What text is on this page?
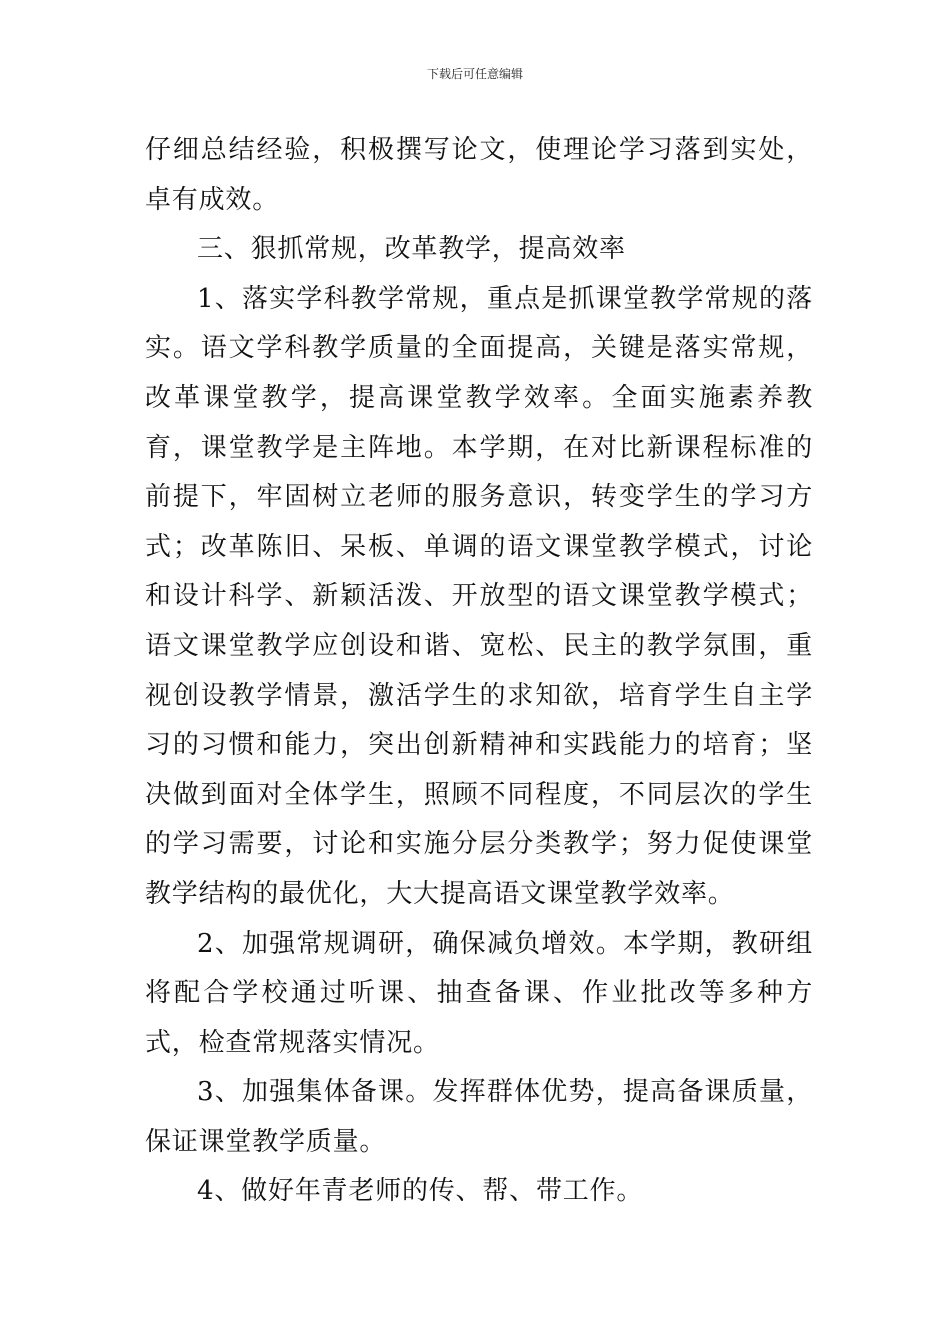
下载后可任意编辑

仔细总结经验，积极撰写论文，使理论学习落到实处，卓有成效。

三、狠抓常规，改革教学，提高效率

1、落实学科教学常规，重点是抓课堂教学常规的落实。语文学科教学质量的全面提高，关键是落实常规，改革课堂教学，提高课堂教学效率。全面实施素养教育，课堂教学是主阵地。本学期，在对比新课程标准的前提下，牢固树立老师的服务意识，转变学生的学习方式；改革陈旧、呆板、单调的语文课堂教学模式，讨论和设计科学、新颖活泼、开放型的语文课堂教学模式；语文课堂教学应创设和谐、宽松、民主的教学氛围，重视创设教学情景，激活学生的求知欲，培育学生自主学习的习惯和能力，突出创新精神和实践能力的培育；坚决做到面对全体学生，照顾不同程度，不同层次的学生的学习需要，讨论和实施分层分类教学；努力促使课堂教学结构的最优化，大大提高语文课堂教学效率。

2、加强常规调研，确保减负增效。本学期，教研组将配合学校通过听课、抽查备课、作业批改等多种方式，检查常规落实情况。

3、加强集体备课。发挥群体优势，提高备课质量，保证课堂教学质量。

4、做好年青老师的传、帮、带工作。
